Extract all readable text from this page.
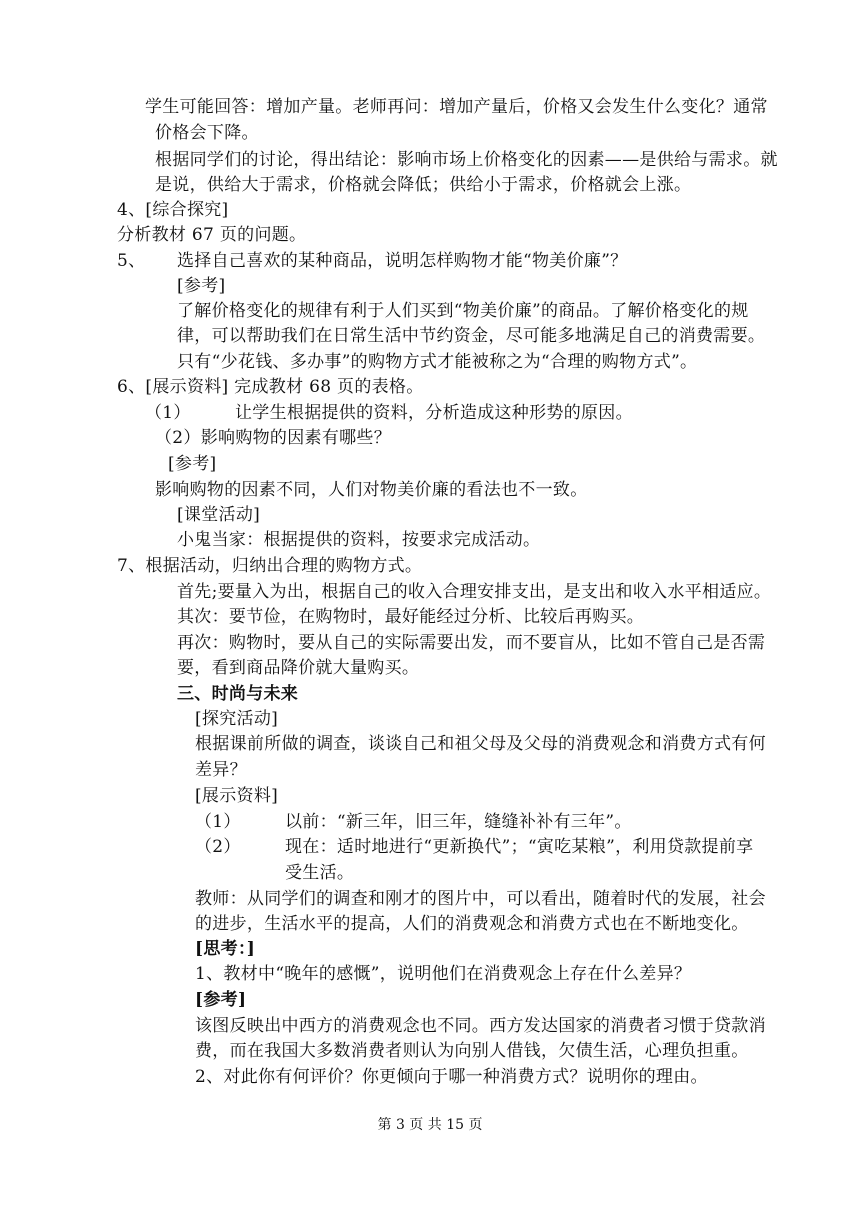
学生可能回答：增加产量。老师再问：增加产量后，价格又会发生什么变化？通常
价格会下降。
根据同学们的讨论，得出结论：影响市场上价格变化的因素——是供给与需求。就
是说，供给大于需求，价格就会降低；供给小于需求，价格就会上涨。
4、[综合探究]
分析教材 67 页的问题。
5、 选择自己喜欢的某种商品，说明怎样购物才能“物美价廉”？
[参考]
了解价格变化的规律有利于人们买到“物美价廉”的商品。了解价格变化的规
律，可以帮助我们在日常生活中节约资金，尽可能多地满足自己的消费需要。
只有“少花钱、多办事”的购物方式才能被称之为“合理的购物方式”。
6、[展示资料] 完成教材 68 页的表格。
（1）	让学生根据提供的资料，分析造成这种形势的原因。
（2）影响购物的因素有哪些？
[参考]
影响购物的因素不同，人们对物美价廉的看法也不一致。
[课堂活动]
小鬼当家：根据提供的资料，按要求完成活动。
7、根据活动，归纳出合理的购物方式。
首先;要量入为出，根据自己的收入合理安排支出，是支出和收入水平相适应。
其次：要节俭，在购物时，最好能经过分析、比较后再购买。
再次：购物时，要从自己的实际需要出发，而不要盲从，比如不管自己是否需
要，看到商品降价就大量购买。
三、时尚与未来
[探究活动]
根据课前所做的调查，谈谈自己和祖父母及父母的消费观念和消费方式有何
差异？
[展示资料]
（1）	以前：“新三年，旧三年，缝缝补补有三年”。
（2）	现在：适时地进行“更新换代”；“寅吃某粮”，利用贷款提前享
受生活。
教师：从同学们的调查和刚才的图片中，可以看出，随着时代的发展，社会
的进步，生活水平的提高，人们的消费观念和消费方式也在不断地变化。
[思考：]
1、教材中“晚年的感慨”，说明他们在消费观念上存在什么差异？
[参考]
该图反映出中西方的消费观念也不同。西方发达国家的消费者习惯于贷款消
费，而在我国大多数消费者则认为向别人借钱，欠债生活，心理负担重。
2、对此你有何评价？你更倾向于哪一种消费方式？说明你的理由。
第 3 页 共 15 页
